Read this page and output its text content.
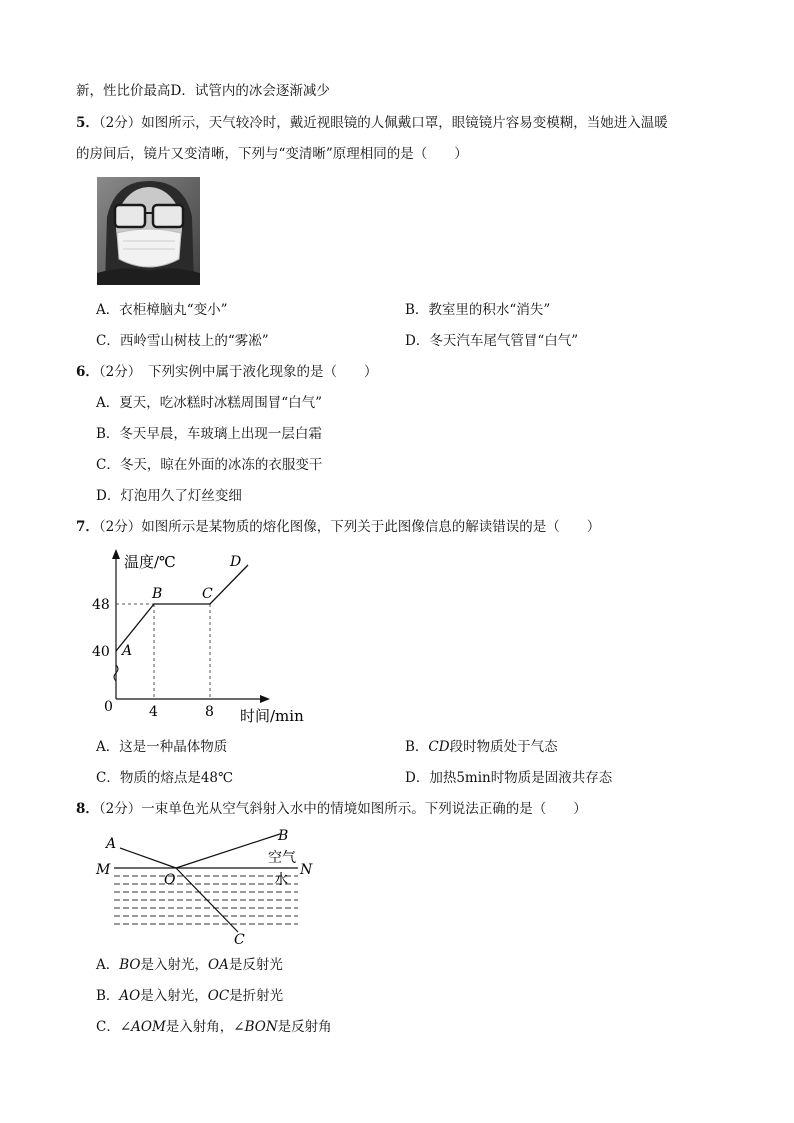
新，性比价最高D．试管内的冰会逐渐减少
5．（2分）如图所示，天气较冷时，戴近视眼镜的人佩戴口罩，眼镜镜片容易变模糊，当她进入温暖
的房间后，镜片又变清晰，下列与“变清晰”原理相同的是（　　）
A．衣柜樟脑丸“变小”	B．教室里的积水“消失”
C．西岭雪山树枝上的“雾凇”	D．冬天汽车尾气管冒“白气”
6．（2分）　下列实例中属于液化现象的是（　　）
A．夏天，吃冰糕时冰糕周围冒“白气”
B．冬天早晨，车玻璃上出现一层白霜
C．冬天，晾在外面的冰冻的衣服变干
D．灯泡用久了灯丝变细
7．（2分）如图所示是某物质的熔化图像，下列关于此图像信息的解读错误的是（　　）
温度/℃
时间/min
0
48
40
4	8
A
B	C
D
A．这是一种晶体物质	B．CD段时物质处于气态
C．物质的熔点是48℃	D．加热5min时物质是固液共存态
8．（2分）一束单色光从空气斜射入水中的情境如图所示。下列说法正确的是（　　）
A	B
C
M	N
O
空气
水
A．BO是入射光，OA是反射光
B．AO是入射光，OC是折射光
C．∠AOM是入射角，∠BON是反射角
